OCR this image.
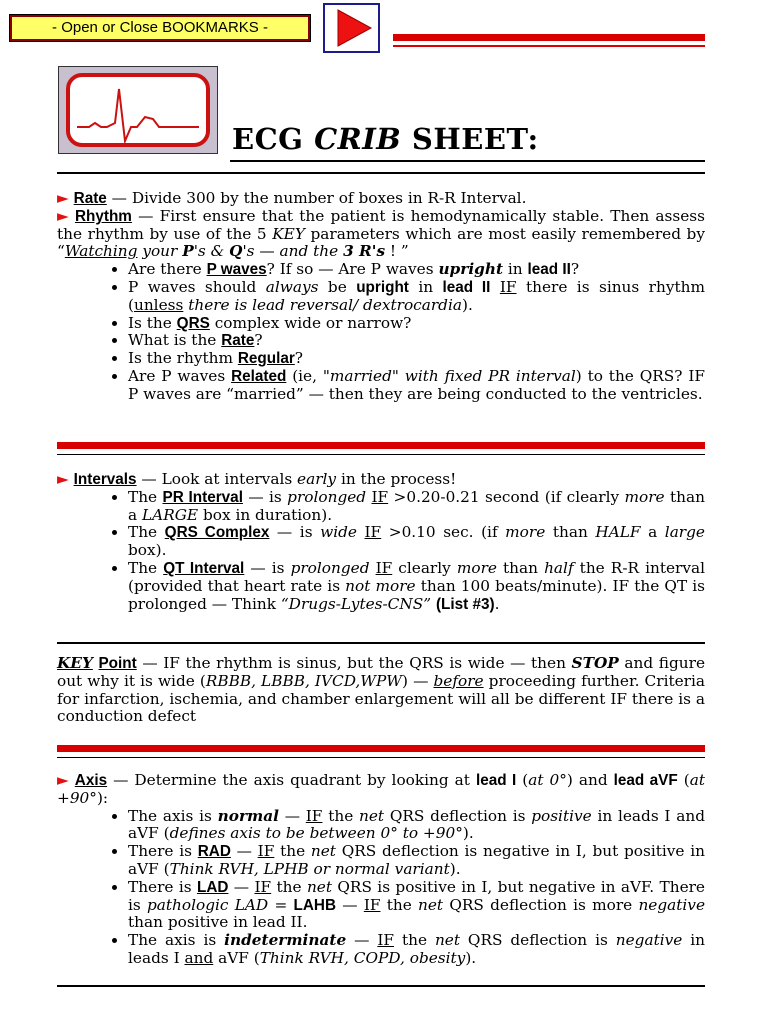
- Open or Close BOOKMARKS -
ECG CRIB SHEET:

► Rate — Divide 300 by the number of boxes in R-R Interval.

► Rhythm — First ensure that the patient is hemodynamically stable. Then assess the rhythm by use of the 5 KEY parameters which are most easily remembered by “Watching your P's & Q's — and the 3 R's ! ”

• Are there P waves? If so — Are P waves upright in lead II?
• P waves should always be upright in lead II IF there is sinus rhythm (unless there is lead reversal/ dextrocardia).
• Is the QRS complex wide or narrow?
• What is the Rate?
• Is the rhythm Regular?
• Are P waves Related (ie, "married" with fixed PR interval) to the QRS? IF P waves are “married” — then they are being conducted to the ventricles.

► Intervals — Look at intervals early in the process!

• The PR Interval — is prolonged IF >0.20-0.21 second (if clearly more than a LARGE box in duration).
• The QRS Complex — is wide IF >0.10 sec. (if more than HALF a large box).
• The QT Interval — is prolonged IF clearly more than half the R-R interval (provided that heart rate is not more than 100 beats/minute). IF the QT is prolonged — Think “Drugs-Lytes-CNS” (List #3).

KEY Point — IF the rhythm is sinus, but the QRS is wide — then STOP and figure out why it is wide (RBBB, LBBB, IVCD,WPW) — before proceeding further. Criteria for infarction, ischemia, and chamber enlargement will all be different IF there is a conduction defect

► Axis — Determine the axis quadrant by looking at lead I (at 0°) and lead aVF (at +90°):

• The axis is normal — IF the net QRS deflection is positive in leads I and aVF (defines axis to be between 0° to +90°).
• There is RAD — IF the net QRS deflection is negative in I, but positive in aVF (Think RVH, LPHB or normal variant).
• There is LAD — IF the net QRS is positive in I, but negative in aVF. There is pathologic LAD = LAHB — IF the net QRS deflection is more negative than positive in lead II.
• The axis is indeterminate — IF the net QRS deflection is negative in leads I and aVF (Think RVH, COPD, obesity).
